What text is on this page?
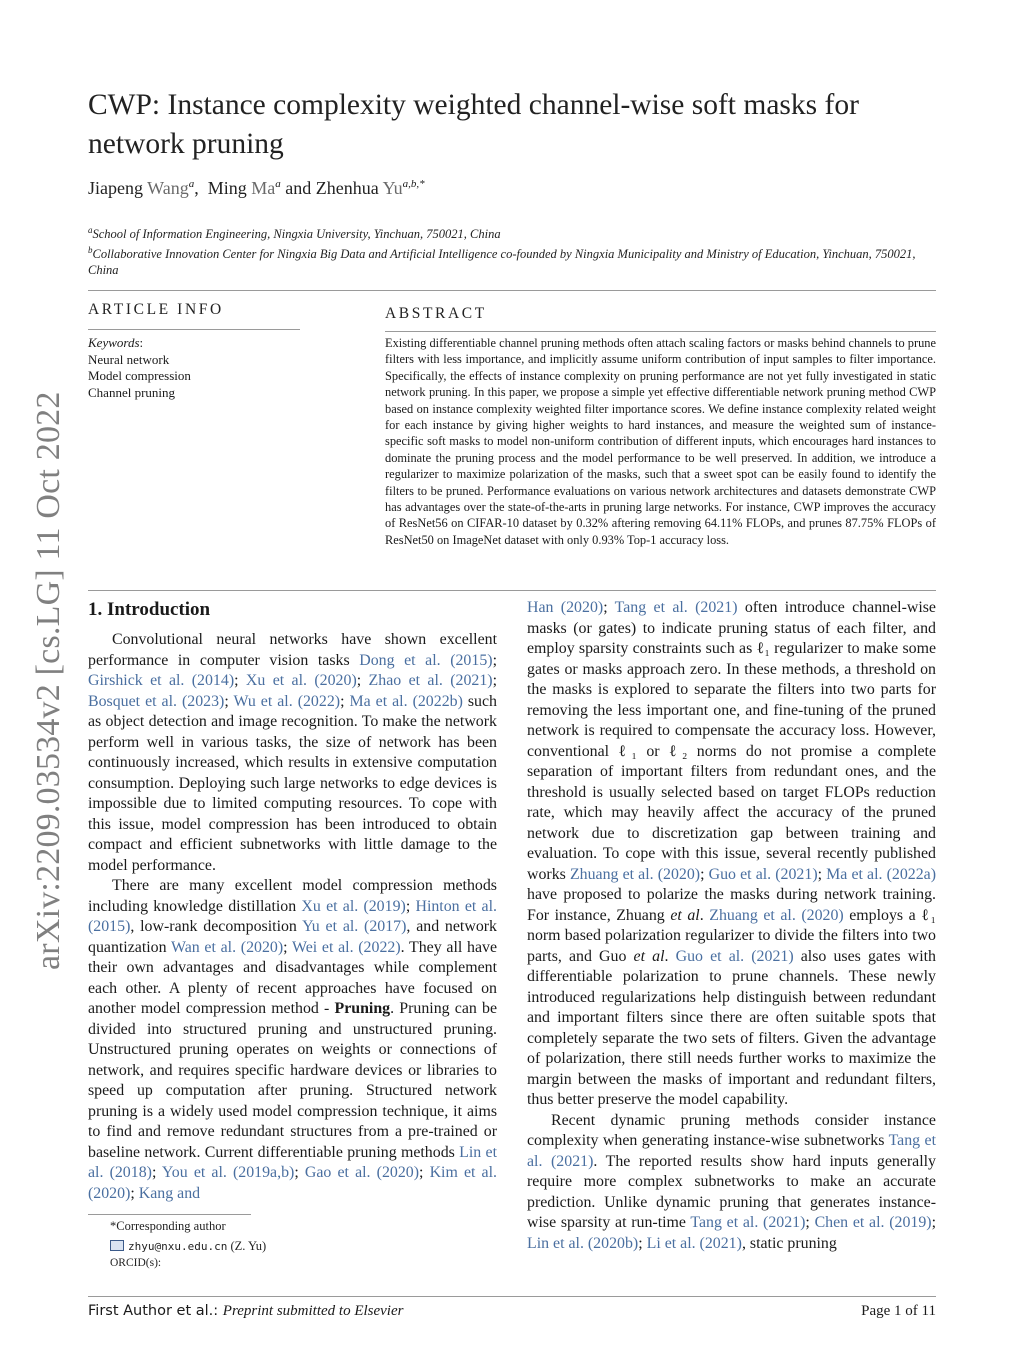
arXiv:2209.03534v2 [cs.LG] 11 Oct 2022
CWP: Instance complexity weighted channel-wise soft masks for network pruning
Jiapeng Wang$^a$,  Ming Ma$^a$ and Zhenhua $Yu^{a,b,*}$
$^a$School of Information Engineering, Ningxia University, Yinchuan, 750021, China
$^b$Collaborative Innovation Center for Ningxia Big Data and Artificial Intelligence co-founded by Ningxia Municipality and Ministry of Education, Yinchuan, 750021, China
ARTICLE INFO	ABSTRACT
Keywords:
Neural network
Model compression
Channel pruning
Existing differentiable channel pruning methods often attach scaling factors or masks behind channels to prune filters with less importance, and implicitly assume uniform contribution of input samples to filter importance. Specifically, the effects of instance complexity on pruning performance are not yet fully investigated in static network pruning. In this paper, we propose a simple yet effective differentiable network pruning method CWP based on instance complexity weighted filter importance scores. We define instance complexity related weight for each instance by giving higher weights to hard instances, and measure the weighted sum of instance-specific soft masks to model non-uniform contribution of different inputs, which encourages hard instances to dominate the pruning process and the model performance to be well preserved. In addition, we introduce a regularizer to maximize polarization of the masks, such that a sweet spot can be easily found to identify the filters to be pruned. Performance evaluations on various network architectures and datasets demonstrate CWP has advantages over the state-of-the-arts in pruning large networks. For instance, CWP improves the accuracy of ResNet56 on CIFAR-10 dataset by 0.32% aftering removing 64.11% FLOPs, and prunes 87.75% FLOPs of ResNet50 on ImageNet dataset with only 0.93% Top-1 accuracy loss.
1. Introduction

Convolutional neural networks have shown excellent performance in computer vision tasks Dong et al. (2015); Girshick et al. (2014); Xu et al. (2020); Zhao et al. (2021); Bosquet et al. (2023); Wu et al. (2022); Ma et al. (2022b) such as object detection and image recognition. To make the network perform well in various tasks, the size of network has been continuously increased, which results in extensive computation consumption. Deploying such large networks to edge devices is impossible due to limited computing resources. To cope with this issue, model compression has been introduced to obtain compact and efficient subnetworks with little damage to the model performance.

There are many excellent model compression methods including knowledge distillation Xu et al. (2019); Hinton et al. (2015), low-rank decomposition Yu et al. (2017), and network quantization Wan et al. (2020); Wei et al. (2022). They all have their own advantages and disadvantages while complement each other. A plenty of recent approaches have focused on another model compression method - Pruning. Pruning can be divided into structured pruning and unstructured pruning. Unstructured pruning operates on weights or connections of network, and requires specific hardware devices or libraries to speed up computation after pruning. Structured network pruning is a widely used model compression technique, it aims to find and remove redundant structures from a pre-trained or baseline network. Current differentiable pruning methods Lin et al. (2018); You et al. (2019a,b); Gao et al. (2020); Kim et al. (2020); Kang and

Han (2020); Tang et al. (2021) often introduce channel-wise masks (or gates) to indicate pruning status of each filter, and employ sparsity constraints such as ℓ₁ regularizer to make some gates or masks approach zero. In these methods, a threshold on the masks is explored to separate the filters into two parts for removing the less important one, and fine-tuning of the pruned network is required to compensate the accuracy loss. However, conventional ℓ₁ or ℓ₂ norms do not promise a complete separation of important filters from redundant ones, and the threshold is usually selected based on target FLOPs reduction rate, which may heavily affect the accuracy of the pruned network due to discretization gap between training and evaluation. To cope with this issue, several recently published works Zhuang et al. (2020); Guo et al. (2021); Ma et al. (2022a) have proposed to polarize the masks during network training. For instance, Zhuang et al. Zhuang et al. (2020) employs a ℓ₁ norm based polarization regularizer to divide the filters into two parts, and Guo et al. Guo et al. (2021) also uses gates with differentiable polarization to prune channels. These newly introduced regularizations help distinguish between redundant and important filters since there are often suitable spots that completely separate the two sets of filters. Given the advantage of polarization, there still needs further works to maximize the margin between the masks of important and redundant filters, thus better preserve the model capability.

Recent dynamic pruning methods consider instance complexity when generating instance-wise subnetworks Tang et al. (2021). The reported results show hard inputs generally require more complex subnetworks to make an accurate prediction. Unlike dynamic pruning that generates instance-wise sparsity at run-time Tang et al. (2021); Chen et al. (2019); Lin et al. (2020b); Li et al. (2021), static pruning

*Corresponding author
zhyu@nxu.edu.cn (Z. Yu)
ORCID(s):
First Author et al.: Preprint submitted to Elsevier	Page 1 of 11
